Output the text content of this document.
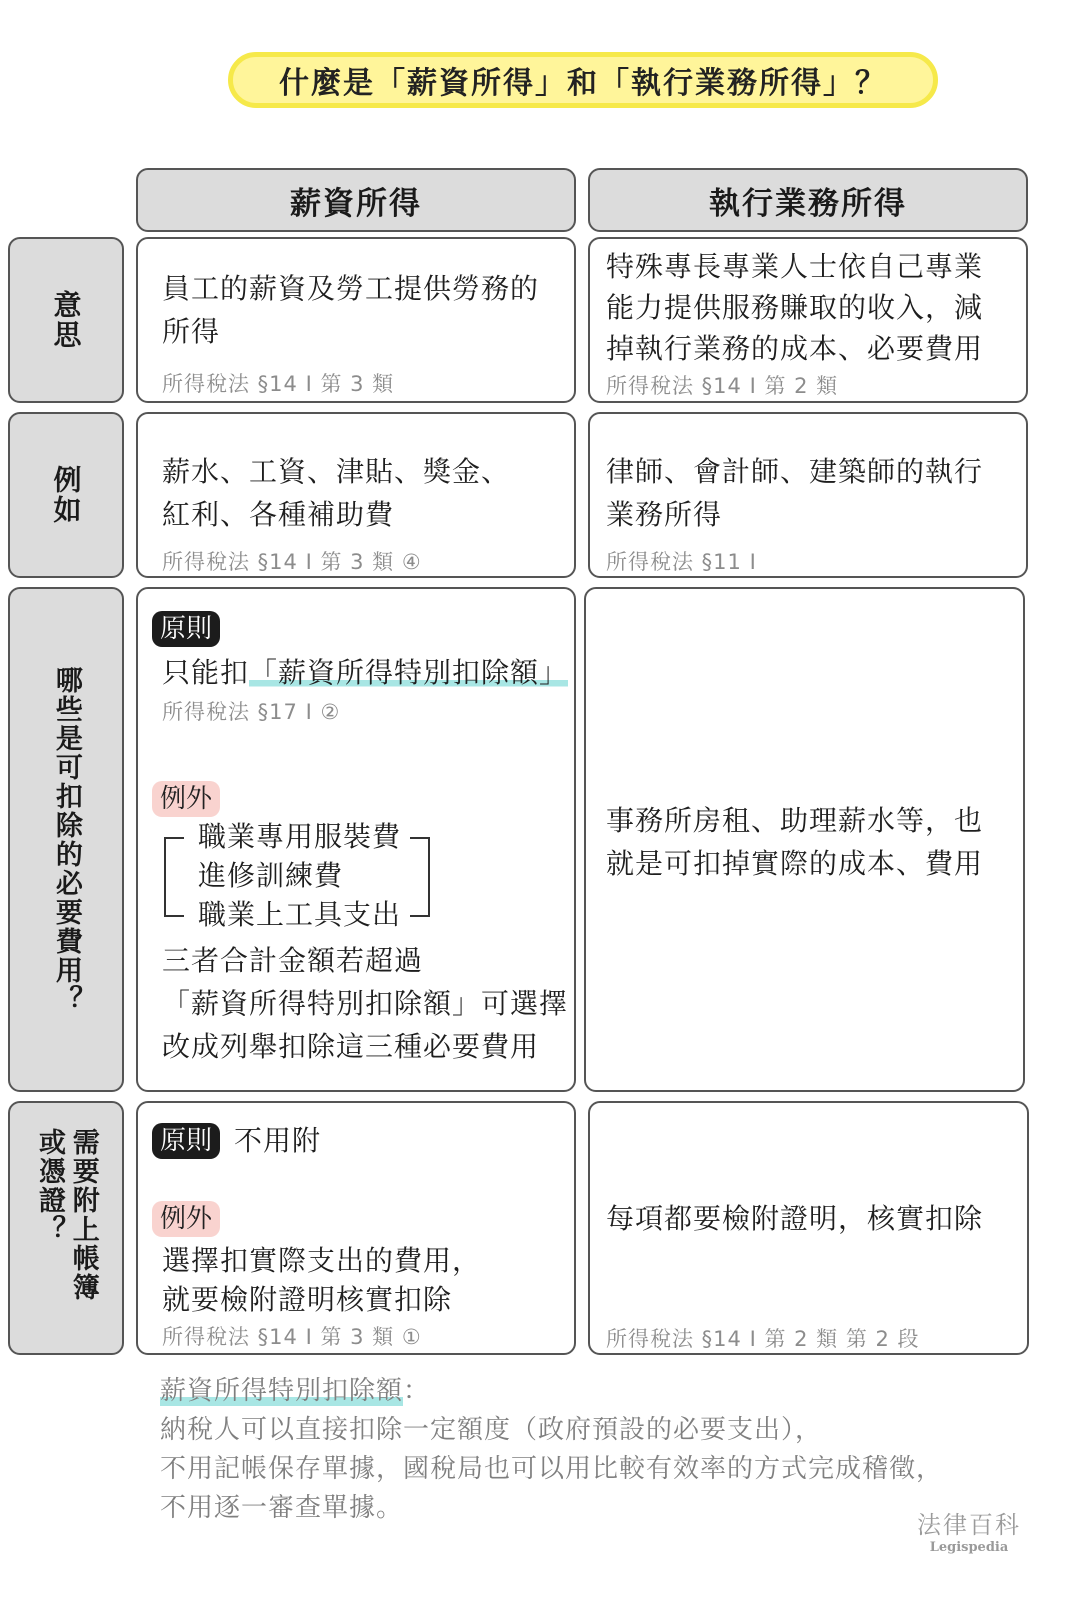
什麼是「薪資所得」和「執行業務所得」？
薪資所得	執行業務所得
意思
例如
哪些是可扣除的必要費用？
需要附上帳簿或憑證？
員工的薪資及勞工提供勞務的
所得
所得稅法 §14 I 第 3 類
特殊專長專業人士依自己專業
能力提供服務賺取的收入，減
掉執行業務的成本、必要費用
所得稅法 §14 I 第 2 類
薪水、工資、津貼、獎金、
紅利、各種補助費
所得稅法 §14 I 第 3 類 ④
律師、會計師、建築師的執行
業務所得
所得稅法 §11 I
原則
只能扣「薪資所得特別扣除額」
所得稅法 §17 I ②
例外
職業專用服裝費
進修訓練費
職業上工具支出
三者合計金額若超過
「薪資所得特別扣除額」可選擇
改成列舉扣除這三種必要費用
事務所房租、助理薪水等，也
就是可扣掉實際的成本、費用
原則 不用附
例外
選擇扣實際支出的費用，
就要檢附證明核實扣除
所得稅法 §14 I 第 3 類 ①
每項都要檢附證明，核實扣除
所得稅法 §14 I 第 2 類 第 2 段
薪資所得特別扣除額：
納稅人可以直接扣除一定額度（政府預設的必要支出），
不用記帳保存單據，國稅局也可以用比較有效率的方式完成稽徵，
不用逐一審查單據。
法律百科
Legispedia
